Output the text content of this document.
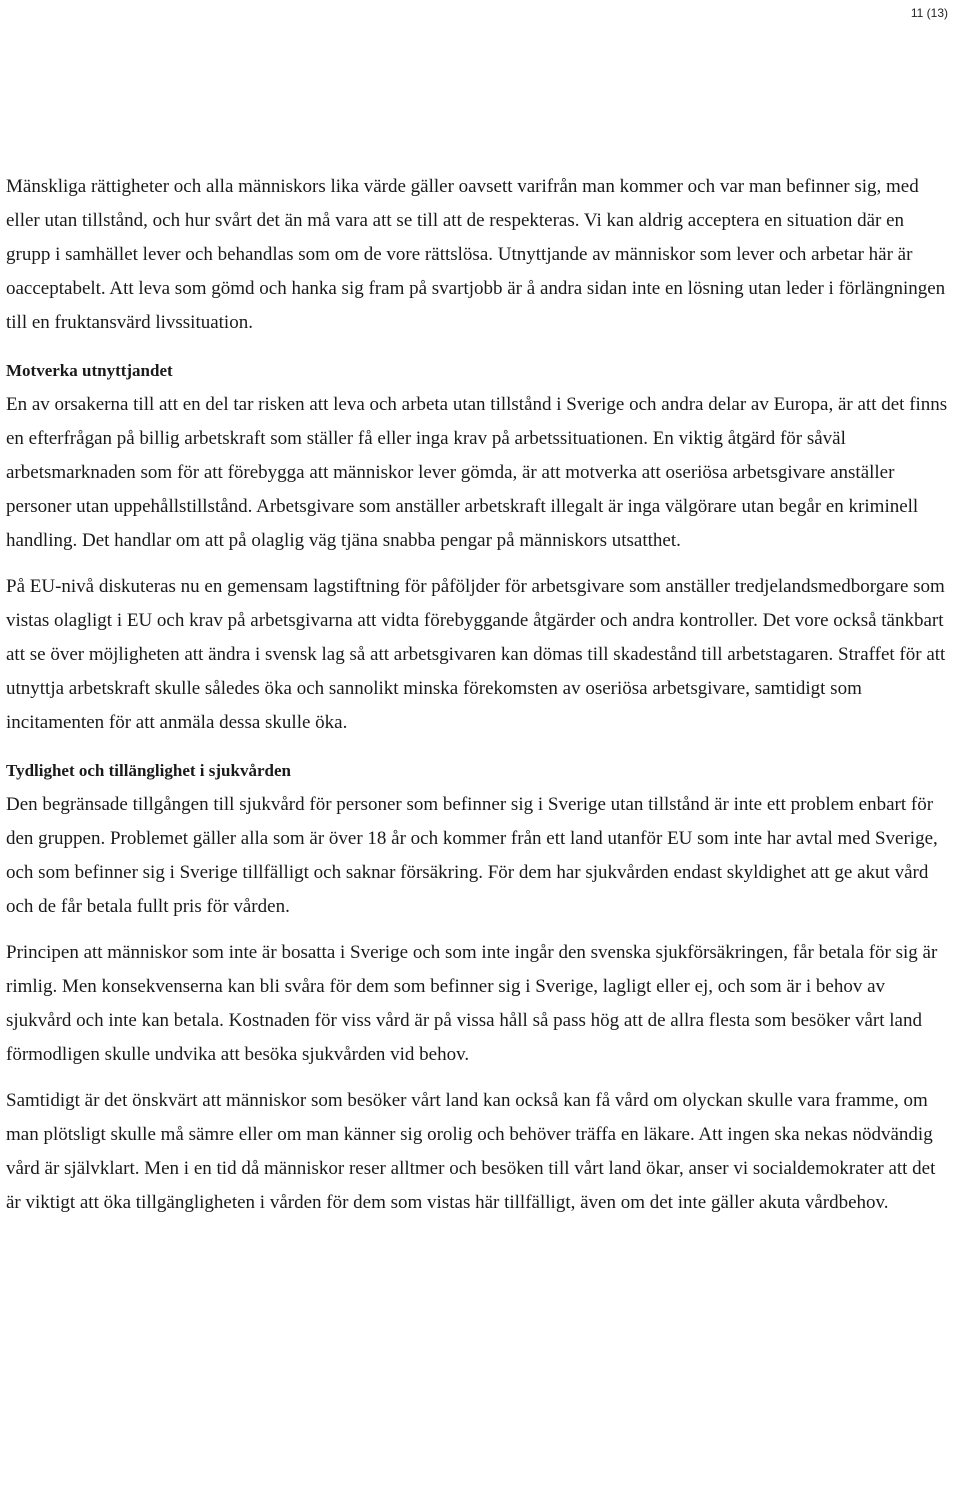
11 (13)

Mänskliga rättigheter och alla människors lika värde gäller oavsett varifrån man kommer och var man befinner sig, med eller utan tillstånd, och hur svårt det än må vara att se till att de respekteras. Vi kan aldrig acceptera en situation där en grupp i samhället lever och behandlas som om de vore rättslösa. Utnyttjande av människor som lever och arbetar här är oacceptabelt. Att leva som gömd och hanka sig fram på svartjobb är å andra sidan inte en lösning utan leder i förlängningen till en fruktansvärd livssituation.

Motverka utnyttjandet

En av orsakerna till att en del tar risken att leva och arbeta utan tillstånd i Sverige och andra delar av Europa, är att det finns en efterfrågan på billig arbetskraft som ställer få eller inga krav på arbetssituationen. En viktig åtgärd för såväl arbetsmarknaden som för att förebygga att människor lever gömda, är att motverka att oseriösa arbetsgivare anställer personer utan uppehållstillstånd. Arbetsgivare som anställer arbetskraft illegalt är inga välgörare utan begår en kriminell handling. Det handlar om att på olaglig väg tjäna snabba pengar på människors utsatthet.

På EU-nivå diskuteras nu en gemensam lagstiftning för påföljder för arbetsgivare som anställer tredjelandsmedborgare som vistas olagligt i EU och krav på arbetsgivarna att vidta förebyggande åtgärder och andra kontroller. Det vore också tänkbart att se över möjligheten att ändra i svensk lag så att arbetsgivaren kan dömas till skadestånd till arbetstagaren. Straffet för att utnyttja arbetskraft skulle således öka och sannolikt minska förekomsten av oseriösa arbetsgivare, samtidigt som incitamenten för att anmäla dessa skulle öka.

Tydlighet och tillänglighet i sjukvården

Den begränsade tillgången till sjukvård för personer som befinner sig i Sverige utan tillstånd är inte ett problem enbart för den gruppen. Problemet gäller alla som är över 18 år och kommer från ett land utanför EU som inte har avtal med Sverige, och som befinner sig i Sverige tillfälligt och saknar försäkring. För dem har sjukvården endast skyldighet att ge akut vård och de får betala fullt pris för vården.

Principen att människor som inte är bosatta i Sverige och som inte ingår den svenska sjukförsäkringen, får betala för sig är rimlig. Men konsekvenserna kan bli svåra för dem som befinner sig i Sverige, lagligt eller ej, och som är i behov av sjukvård och inte kan betala. Kostnaden för viss vård är på vissa håll så pass hög att de allra flesta som besöker vårt land förmodligen skulle undvika att besöka sjukvården vid behov.

Samtidigt är det önskvärt att människor som besöker vårt land kan också kan få vård om olyckan skulle vara framme, om man plötsligt skulle må sämre eller om man känner sig orolig och behöver träffa en läkare. Att ingen ska nekas nödvändig vård är självklart. Men i en tid då människor reser alltmer och besöken till vårt land ökar, anser vi socialdemokrater att det är viktigt att öka tillgängligheten i vården för dem som vistas här tillfälligt, även om det inte gäller akuta vårdbehov.
